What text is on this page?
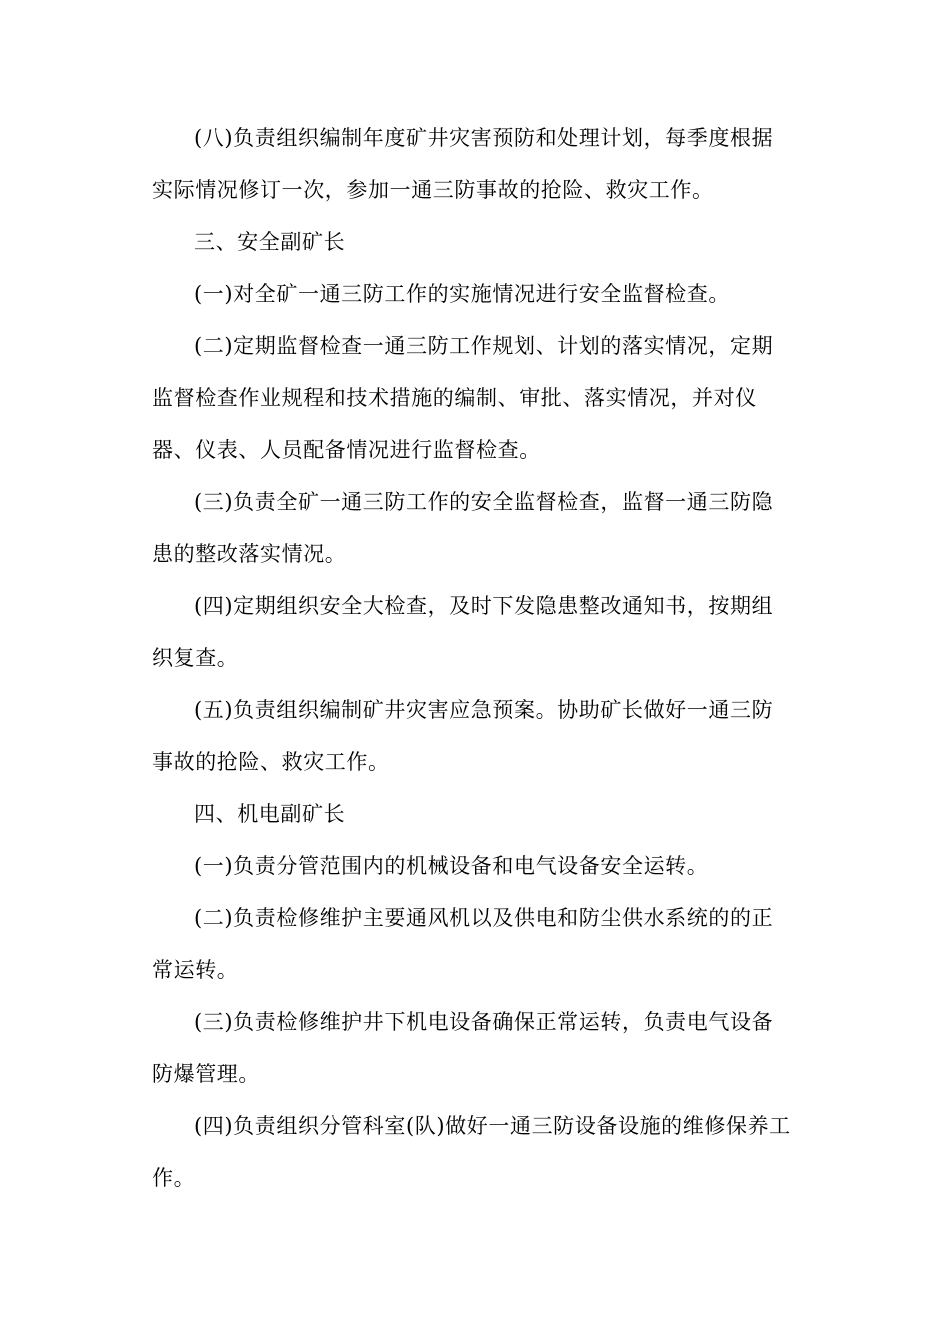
(八)负责组织编制年度矿井灾害预防和处理计划，每季度根据实际情况修订一次，参加一通三防事故的抢险、救灾工作。

三、安全副矿长

(一)对全矿一通三防工作的实施情况进行安全监督检查。

(二)定期监督检查一通三防工作规划、计划的落实情况，定期监督检查作业规程和技术措施的编制、审批、落实情况，并对仪器、仪表、人员配备情况进行监督检查。

(三)负责全矿一通三防工作的安全监督检查，监督一通三防隐患的整改落实情况。

(四)定期组织安全大检查，及时下发隐患整改通知书，按期组织复查。

(五)负责组织编制矿井灾害应急预案。协助矿长做好一通三防事故的抢险、救灾工作。

四、机电副矿长

(一)负责分管范围内的机械设备和电气设备安全运转。

(二)负责检修维护主要通风机以及供电和防尘供水系统的的正常运转。

(三)负责检修维护井下机电设备确保正常运转，负责电气设备防爆管理。

(四)负责组织分管科室(队)做好一通三防设备设施的维修保养工作。
